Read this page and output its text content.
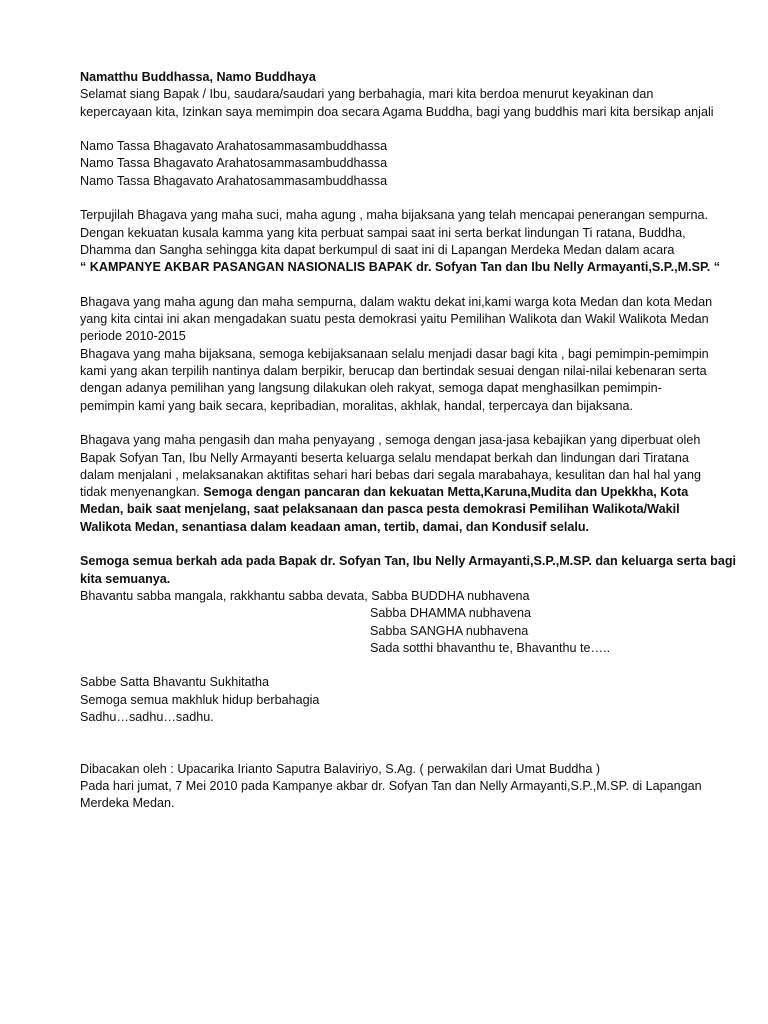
Namatthu Buddhassa, Namo Buddhaya
Selamat siang Bapak / Ibu, saudara/saudari yang berbahagia, mari kita berdoa menurut keyakinan dan
kepercayaan kita, Izinkan saya memimpin doa secara Agama Buddha, bagi yang buddhis mari kita bersikap anjali
Namo Tassa Bhagavato Arahatosammasambuddhassa
Namo Tassa Bhagavato Arahatosammasambuddhassa
Namo Tassa Bhagavato Arahatosammasambuddhassa
Terpujilah Bhagava yang maha suci, maha agung , maha bijaksana yang telah mencapai penerangan sempurna.
Dengan kekuatan kusala kamma yang kita perbuat sampai saat ini serta berkat lindungan Ti ratana, Buddha,
Dhamma dan Sangha sehingga kita dapat berkumpul di saat ini di Lapangan Merdeka Medan dalam acara
“ KAMPANYE AKBAR PASANGAN NASIONALIS BAPAK dr. Sofyan Tan dan Ibu Nelly Armayanti,S.P.,M.SP. “
Bhagava yang maha agung dan maha sempurna, dalam waktu dekat ini,kami warga kota Medan dan kota Medan
yang kita cintai ini akan mengadakan suatu pesta demokrasi yaitu Pemilihan Walikota dan Wakil Walikota Medan
periode 2010-2015
Bhagava yang maha bijaksana, semoga kebijaksanaan selalu menjadi dasar bagi kita , bagi pemimpin-pemimpin
kami yang akan terpilih nantinya dalam berpikir, berucap dan bertindak sesuai dengan nilai-nilai kebenaran serta
dengan adanya pemilihan yang langsung dilakukan oleh rakyat, semoga dapat menghasilkan pemimpin-
pemimpin kami yang baik secara, kepribadian, moralitas, akhlak, handal, terpercaya dan bijaksana.
Bhagava yang maha pengasih dan maha penyayang , semoga dengan jasa-jasa kebajikan yang diperbuat oleh
Bapak Sofyan Tan, Ibu Nelly Armayanti beserta keluarga selalu mendapat berkah dan lindungan dari Tiratana
dalam menjalani , melaksanakan aktifitas sehari hari bebas dari segala marabahaya, kesulitan dan hal hal yang
tidak menyenangkan. Semoga dengan pancaran dan kekuatan Metta,Karuna,Mudita dan Upekkha, Kota
Medan, baik saat menjelang, saat pelaksanaan dan pasca pesta demokrasi Pemilihan Walikota/Wakil
Walikota Medan, senantiasa dalam keadaan aman, tertib, damai, dan Kondusif selalu.
Semoga semua berkah ada pada Bapak dr. Sofyan Tan, Ibu Nelly Armayanti,S.P.,M.SP. dan keluarga serta bagi
kita semuanya.
Bhavantu sabba mangala, rakkhantu sabba devata, Sabba BUDDHA nubhavena
Sabba DHAMMA nubhavena
Sabba SANGHA nubhavena
Sada sotthi bhavanthu te, Bhavanthu te…..
Sabbe Satta Bhavantu Sukhitatha
Semoga semua makhluk hidup berbahagia
Sadhu…sadhu…sadhu.
Dibacakan oleh : Upacarika Irianto Saputra Balaviriyo, S.Ag. ( perwakilan dari Umat Buddha )
Pada hari jumat, 7 Mei 2010 pada Kampanye akbar dr. Sofyan Tan dan Nelly Armayanti,S.P.,M.SP. di Lapangan
Merdeka Medan.
